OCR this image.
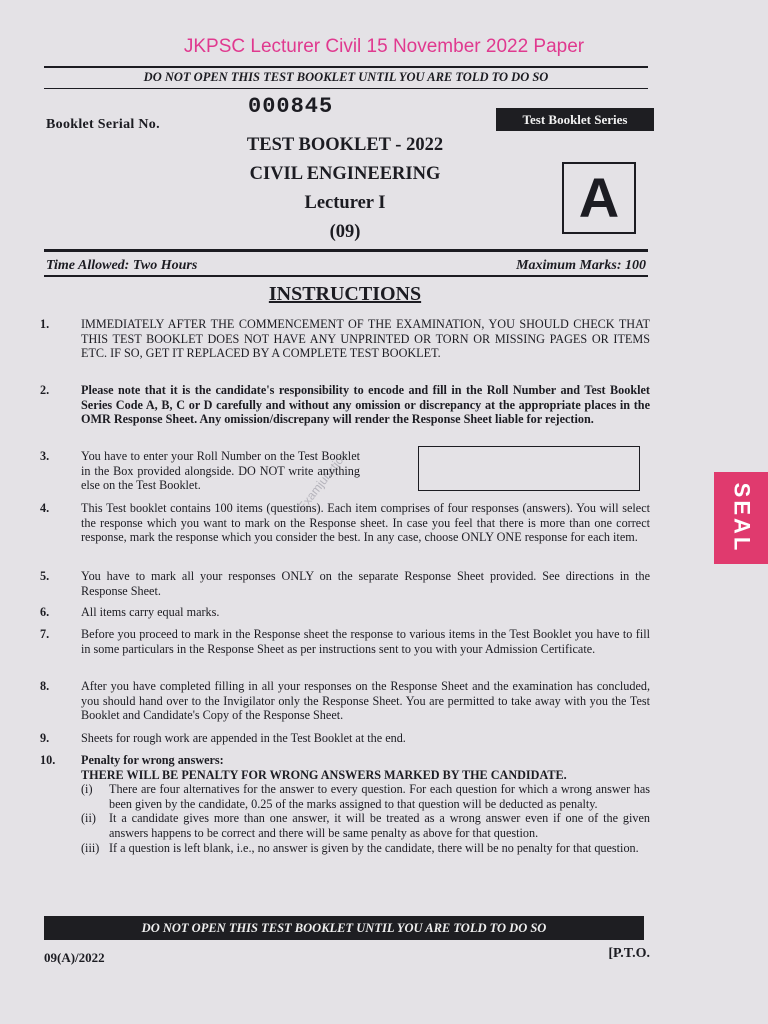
JKPSC Lecturer Civil 15 November 2022 Paper
DO NOT OPEN THIS TEST BOOKLET UNTIL YOU ARE TOLD TO DO SO
Booklet Serial No.
000845
TEST BOOKLET - 2022
CIVIL ENGINEERING
Lecturer I
(09)
Test Booklet Series
A
Time Allowed: Two Hours	Maximum Marks: 100
INSTRUCTIONS
1.	IMMEDIATELY AFTER THE COMMENCEMENT OF THE EXAMINATION, YOU SHOULD CHECK THAT THIS TEST BOOKLET DOES NOT HAVE ANY UNPRINTED OR TORN OR MISSING PAGES OR ITEMS ETC. IF SO, GET IT REPLACED BY A COMPLETE TEST BOOKLET.
2.	Please note that it is the candidate's responsibility to encode and fill in the Roll Number and Test Booklet Series Code A, B, C or D carefully and without any omission or discrepancy at the appropriate places in the OMR Response Sheet. Any omission/discrepany will render the Response Sheet liable for rejection.
3.	You have to enter your Roll Number on the Test Booklet in the Box provided alongside. DO NOT write anything else on the Test Booklet.
4.	This Test booklet contains 100 items (questions). Each item comprises of four responses (answers). You will select the response which you want to mark on the Response sheet. In case you feel that there is more than one correct response, mark the response which you consider the best. In any case, choose ONLY ONE response for each item.
5.	You have to mark all your responses ONLY on the separate Response Sheet provided. See directions in the Response Sheet.
6.	All items carry equal marks.
7.	Before you proceed to mark in the Response sheet the response to various items in the Test Booklet you have to fill in some particulars in the Response Sheet as per instructions sent to you with your Admission Certificate.
8.	After you have completed filling in all your responses on the Response Sheet and the examination has concluded, you should hand over to the Invigilator only the Response Sheet. You are permitted to take away with you the Test Booklet and Candidate's Copy of the Response Sheet.
9.	Sheets for rough work are appended in the Test Booklet at the end.
10.	Penalty for wrong answers:
THERE WILL BE PENALTY FOR WRONG ANSWERS MARKED BY THE CANDIDATE.
(i)	There are four alternatives for the answer to every question. For each question for which a wrong answer has been given by the candidate, 0.25 of the marks assigned to that question will be deducted as penalty.
(ii)	It a candidate gives more than one answer, it will be treated as a wrong answer even if one of the given answers happens to be correct and there will be same penalty as above for that question.
(iii) If a question is left blank, i.e., no answer is given by the candidate, there will be no penalty for that question.
Examjunction
SEAL
DO NOT OPEN THIS TEST BOOKLET UNTIL YOU ARE TOLD TO DO SO
09(A)/2022	[P.T.O.
